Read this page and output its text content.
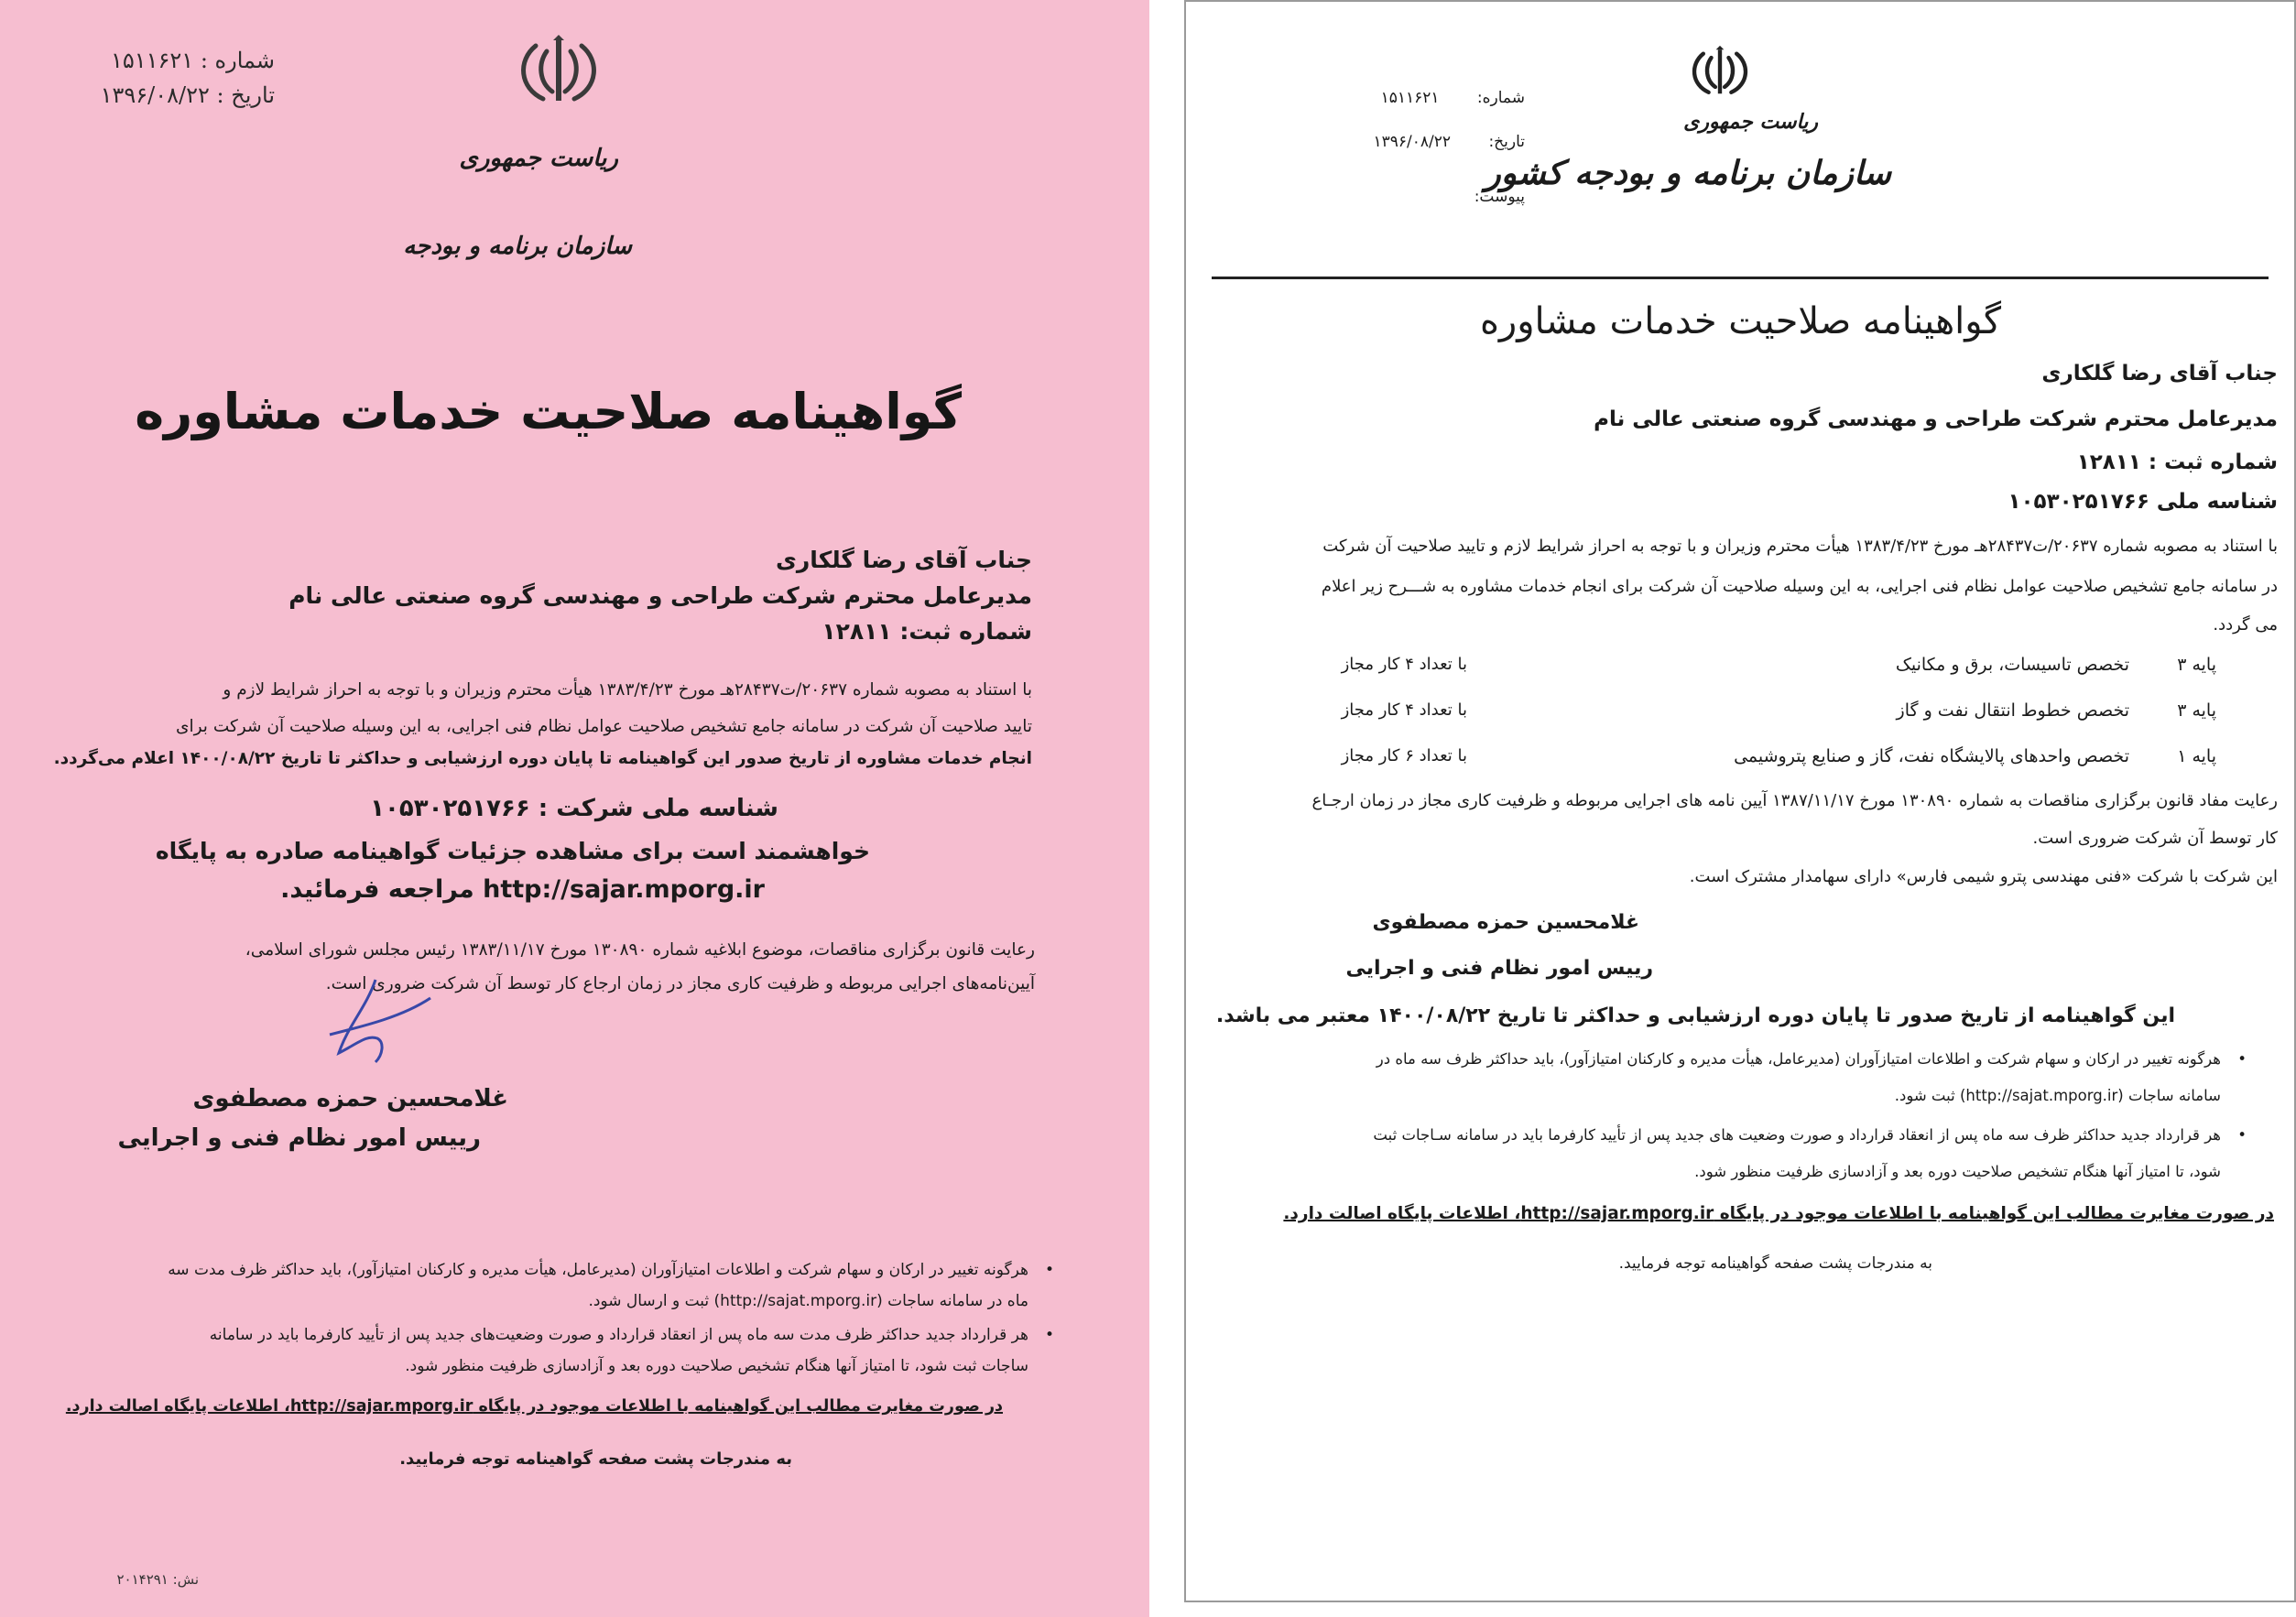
شماره : ۱۵۱۱۶۲۱
تاریخ : ۱۳۹۶/۰۸/۲۲
ریاست جمهوری
سازمان برنامه و بودجه
گواهینامه صلاحیت خدمات مشاوره
جناب آقای رضا گلکاری
مدیرعامل محترم شرکت طراحی و مهندسی گروه صنعتی عالی نام
شماره ثبت: ۱۲۸۱۱
با استناد به مصوبه شماره ۲۰۶۳۷/ت۲۸۴۳۷هـ مورخ ۱۳۸۳/۴/۲۳ هیأت محترم وزیران و با توجه به احراز شرایط لازم و
تایید صلاحیت آن شرکت در سامانه جامع تشخیص صلاحیت عوامل نظام فنی اجرایی، به این وسیله صلاحیت آن شرکت برای
انجام خدمات مشاوره از تاریخ صدور این گواهینامه تا پایان دوره ارزشیابی و حداکثر تا تاریخ ۱۴۰۰/۰۸/۲۲ اعلام می‌گردد.
شناسه ملی شرکت : ۱۰۵۳۰۲۵۱۷۶۶
خواهشمند است برای مشاهده جزئیات گواهینامه صادره به پایگاه
http://sajar.mporg.ir مراجعه فرمائید.
رعایت قانون برگزاری مناقصات، موضوع ابلاغیه شماره ۱۳۰۸۹۰ مورخ ۱۳۸۳/۱۱/۱۷ رئیس مجلس شورای اسلامی،
آیین‌نامه‌های اجرایی مربوطه و ظرفیت کاری مجاز در زمان ارجاع کار توسط آن شرکت ضروری است.
غلامحسین حمزه مصطفوی
رییس امور نظام فنی و اجرایی
• هرگونه تغییر در ارکان و سهام شرکت و اطلاعات امتیازآوران (مدیرعامل، هیأت مدیره و کارکنان امتیازآور)، باید حداکثر ظرف مدت سه
ماه در سامانه ساجات (http://sajat.mporg.ir) ثبت و ارسال شود.
• هر قرارداد جدید حداکثر ظرف مدت سه ماه پس از انعقاد قرارداد و صورت وضعیت‌های جدید پس از تأیید کارفرما باید در سامانه
ساجات ثبت شود، تا امتیاز آنها هنگام تشخیص صلاحیت دوره بعد و آزادسازی ظرفیت منظور شود.
در صورت مغایرت مطالب این گواهینامه با اطلاعات موجود در پایگاه http://sajar.mporg.ir، اطلاعات پایگاه اصالت دارد.
به مندرجات پشت صفحه گواهینامه توجه فرمایید.
نش: ۲۰۱۴۲۹۱
شماره: ۱۵۱۱۶۲۱
تاریخ: ۱۳۹۶/۰۸/۲۲
پیوست:
ریاست جمهوری
سازمان برنامه و بودجه کشور
گواهینامه صلاحیت خدمات مشاوره
جناب آقای رضا گلکاری
مدیرعامل محترم شرکت طراحی و مهندسی گروه صنعتی عالی نام
شماره ثبت : ۱۲۸۱۱
شناسه ملی ۱۰۵۳۰۲۵۱۷۶۶
با استناد به مصوبه شماره ۲۰۶۳۷/ت۲۸۴۳۷هـ مورخ ۱۳۸۳/۴/۲۳ هیأت محترم وزیران و با توجه به احراز شرایط لازم و تایید صلاحیت آن شرکت
در سامانه جامع تشخیص صلاحیت عوامل نظام فنی اجرایی، به این وسیله صلاحیت آن شرکت برای انجام خدمات مشاوره به شـــرح زیر اعلام
می گردد.
پایه ۳
تخصص تاسیسات، برق و مکانیک
با تعداد ۴ کار مجاز
پایه ۳
تخصص خطوط انتقال نفت و گاز
با تعداد ۴ کار مجاز
پایه ۱
تخصص واحدهای پالایشگاه نفت، گاز و صنایع پتروشیمی
با تعداد ۶ کار مجاز
رعایت مفاد قانون برگزاری مناقصات به شماره ۱۳۰۸۹۰ مورخ ۱۳۸۷/۱۱/۱۷ آیین نامه های اجرایی مربوطه و ظرفیت کاری مجاز در زمان ارجـاع
کار توسط آن شرکت ضروری است.
این شرکت با شرکت «فنی مهندسی پترو شیمی فارس» دارای سهامدار مشترک است.
غلامحسین حمزه مصطفوی
رییس امور نظام فنی و اجرایی
این گواهینامه از تاریخ صدور تا پایان دوره ارزشیابی و حداکثر تا تاریخ ۱۴۰۰/۰۸/۲۲ معتبر می باشد.
• هرگونه تغییر در ارکان و سهام شرکت و اطلاعات امتیازآوران (مدیرعامل، هیأت مدیره و کارکنان امتیازآور)، باید حداکثر ظرف سه ماه در
سامانه ساجات (http://sajat.mporg.ir) ثبت شود.
• هر قرارداد جدید حداکثر ظرف سه ماه پس از انعقاد قرارداد و صورت وضعیت های جدید پس از تأیید کارفرما باید در سامانه سـاجات ثبت
شود، تا امتیاز آنها هنگام تشخیص صلاحیت دوره بعد و آزادسازی ظرفیت منظور شود.
در صورت مغایرت مطالب این گواهینامه با اطلاعات موجود در پایگاه http://sajar.mporg.ir، اطلاعات پایگاه اصالت دارد.
به مندرجات پشت صفحه گواهینامه توجه فرمایید.
